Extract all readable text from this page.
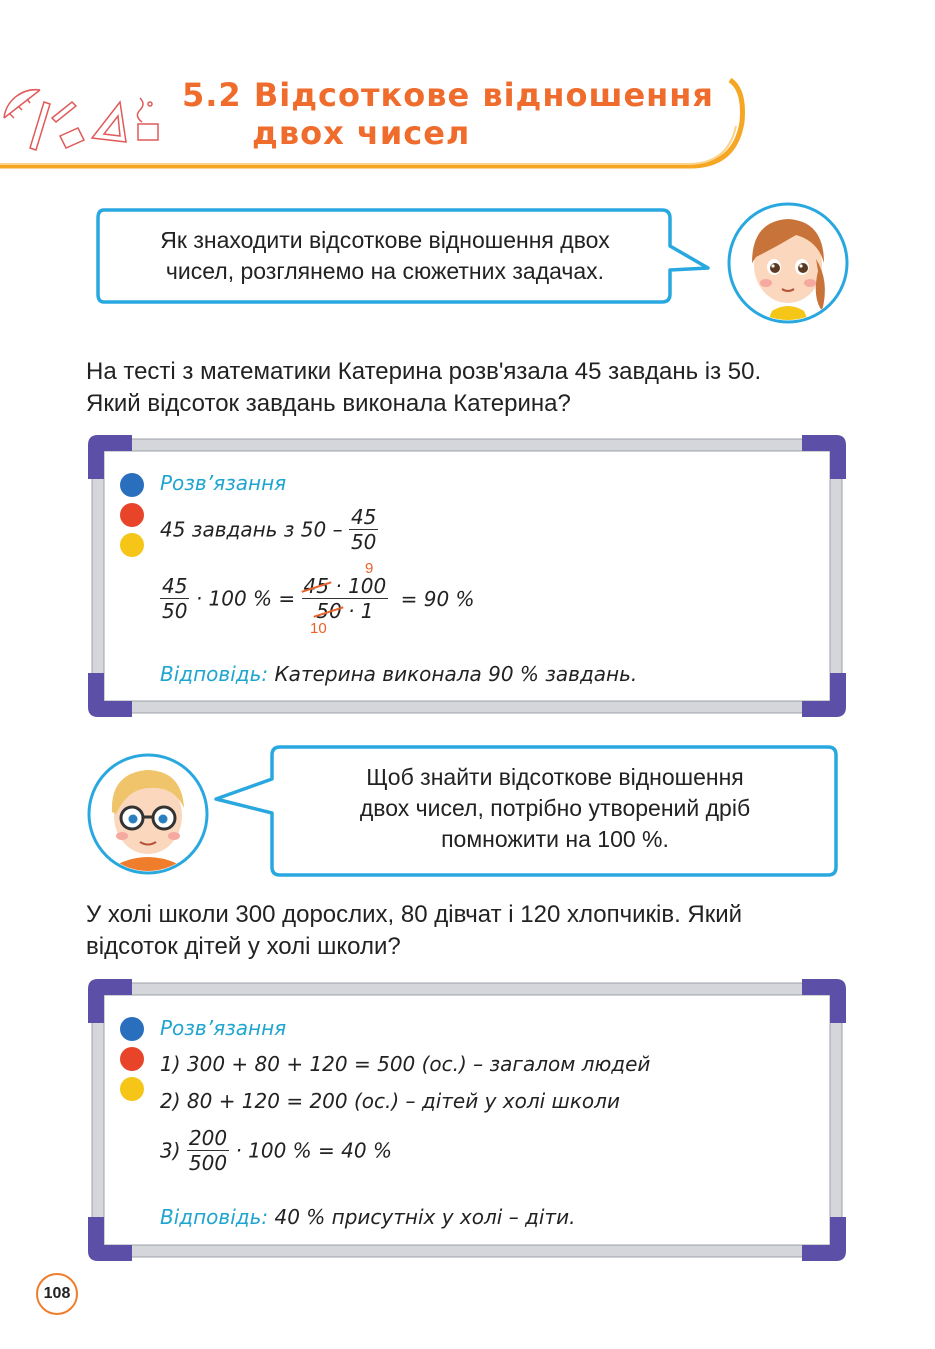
5.2 Відсоткове відношення
двох чисел
Як знаходити відсоткове відношення двох
чисел, розглянемо на сюжетних задачах.
На тесті з математики Катерина розв'язала 45 завдань із 50.
Який відсоток завдань виконала Катерина?
Розв’язання
45 завдань з $50 - \frac{45}{50}$
$\frac{45}{50} \cdot 100$ % = $\frac{45 \cdot 100}{50 \cdot 1} = 90$ %
9
10
Відповідь: Катерина виконала 90 % завдань.
Щоб знайти відсоткове відношення
двох чисел, потрібно утворений дріб
помножити на 100 %.
У холі школи 300 дорослих, 80 дівчат і 120 хлопчиків. Який
відсоток дітей у холі школи?
Розв’язання
1) 300 + 80 + 120 = 500 (ос.) – загалом людей
2) 80 + 120 = 200 (ос.) – дітей у холі школи
$3) \frac{200}{500} \cdot 100$ % = 40 %
Відповідь: 40 % присутніх у холі – діти.
108
